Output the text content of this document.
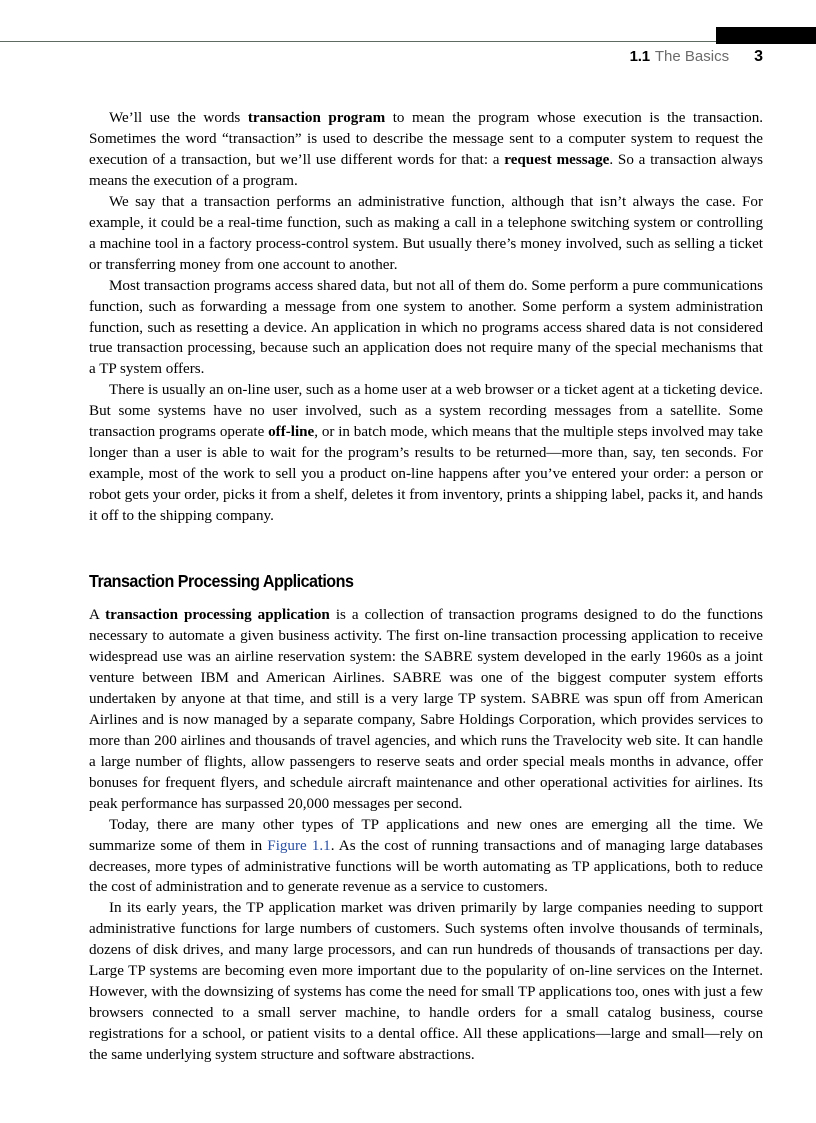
1.1 The Basics 3

We’ll use the words transaction program to mean the program whose execution is the transaction. Sometimes the word “transaction” is used to describe the message sent to a computer system to request the execution of a transaction, but we’ll use different words for that: a request message. So a transaction always means the execution of a program.

We say that a transaction performs an administrative function, although that isn’t always the case. For example, it could be a real-time function, such as making a call in a telephone switching system or controlling a machine tool in a factory process-control system. But usually there’s money involved, such as selling a ticket or transferring money from one account to another.

Most transaction programs access shared data, but not all of them do. Some perform a pure communications function, such as forwarding a message from one system to another. Some perform a system administration function, such as resetting a device. An application in which no programs access shared data is not considered true transaction processing, because such an application does not require many of the special mechanisms that a TP system offers.

There is usually an on-line user, such as a home user at a web browser or a ticket agent at a ticketing device. But some systems have no user involved, such as a system recording messages from a satellite. Some transaction programs operate off-line, or in batch mode, which means that the multiple steps involved may take longer than a user is able to wait for the program’s results to be returned—more than, say, ten seconds. For example, most of the work to sell you a product on-line happens after you’ve entered your order: a person or robot gets your order, picks it from a shelf, deletes it from inventory, prints a shipping label, packs it, and hands it off to the shipping company.

Transaction Processing Applications

A transaction processing application is a collection of transaction programs designed to do the functions necessary to automate a given business activity. The first on-line transaction processing application to receive widespread use was an airline reservation system: the SABRE system developed in the early 1960s as a joint venture between IBM and American Airlines. SABRE was one of the biggest computer system efforts undertaken by anyone at that time, and still is a very large TP system. SABRE was spun off from American Airlines and is now managed by a separate company, Sabre Holdings Corporation, which provides services to more than 200 airlines and thousands of travel agencies, and which runs the Travelocity web site. It can handle a large number of flights, allow passengers to reserve seats and order special meals months in advance, offer bonuses for frequent flyers, and schedule aircraft maintenance and other operational activities for airlines. Its peak performance has surpassed 20,000 messages per second.

Today, there are many other types of TP applications and new ones are emerging all the time. We summarize some of them in Figure 1.1. As the cost of running transactions and of managing large databases decreases, more types of administrative functions will be worth automating as TP applications, both to reduce the cost of administration and to generate revenue as a service to customers.

In its early years, the TP application market was driven primarily by large companies needing to support administrative functions for large numbers of customers. Such systems often involve thousands of terminals, dozens of disk drives, and many large processors, and can run hundreds of thousands of transactions per day. Large TP systems are becoming even more important due to the popularity of on-line services on the Internet. However, with the downsizing of systems has come the need for small TP applications too, ones with just a few browsers connected to a small server machine, to handle orders for a small catalog business, course registrations for a school, or patient visits to a dental office. All these applications—large and small—rely on the same underlying system structure and software abstractions.
